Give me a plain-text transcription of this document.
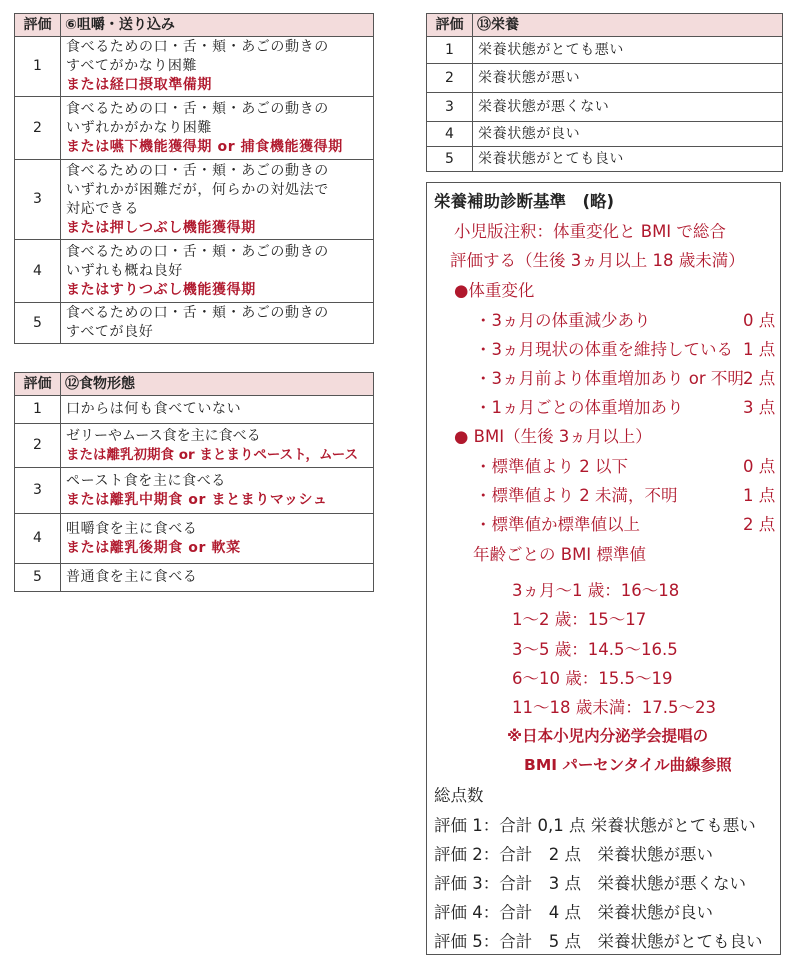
評価	⑥咀嚼・送り込み
1	食べるための口・舌・頬・あごの動きの
すべてがかなり困難
または経口摂取準備期

2	食べるための口・舌・頬・あごの動きの
いずれかがかなり困難
または嚥下機能獲得期 or 捕食機能獲得期

3	食べるための口・舌・頬・あごの動きの
いずれかが困難だが，何らかの対処法で
対応できる
または押しつぶし機能獲得期

4	食べるための口・舌・頬・あごの動きの
いずれも概ね良好
またはすりつぶし機能獲得期

5	食べるための口・舌・頬・あごの動きの
すべてが良好
評価	⑫食物形態
1	口からは何も食べていない

2	ゼリーやムース食を主に食べる
または離乳初期食 or まとまりペースト，ムース

3	ペースト食を主に食べる
または離乳中期食 or まとまりマッシュ

4	咀嚼食を主に食べる
または離乳後期食 or 軟菜

5	普通食を主に食べる
評価	⑬栄養
1	栄養状態がとても悪い
2	栄養状態が悪い
3	栄養状態が悪くない
4	栄養状態が良い
5	栄養状態がとても良い
栄養補助診断基準　(略)
小児版注釈：体重変化と BMI で総合
評価する（生後 3ヵ月以上 18 歳未満）
●体重変化
・3ヵ月の体重減少あり	0 点
・3ヵ月現状の体重を維持している 1 点
・3ヵ月前より体重増加あり or 不明 2 点
・1ヵ月ごとの体重増加あり	3 点
● BMI（生後 3ヵ月以上）
・標準値より 2 以下	0 点
・標準値より 2 未満，不明	1 点
・標準値か標準値以上	2 点
年齢ごとの BMI 標準値
3ヵ月〜1 歳：16〜18
1〜2 歳：15〜17
3〜5 歳：14.5〜16.5
6〜10 歳：15.5〜19
11〜18 歳未満：17.5〜23
※日本小児内分泌学会提唱の
BMI パーセンタイル曲線参照
総点数
評価 1：合計 0,1 点 栄養状態がとても悪い
評価 2：合計　2 点　栄養状態が悪い
評価 3：合計　3 点　栄養状態が悪くない
評価 4：合計　4 点　栄養状態が良い
評価 5：合計　5 点　栄養状態がとても良い
